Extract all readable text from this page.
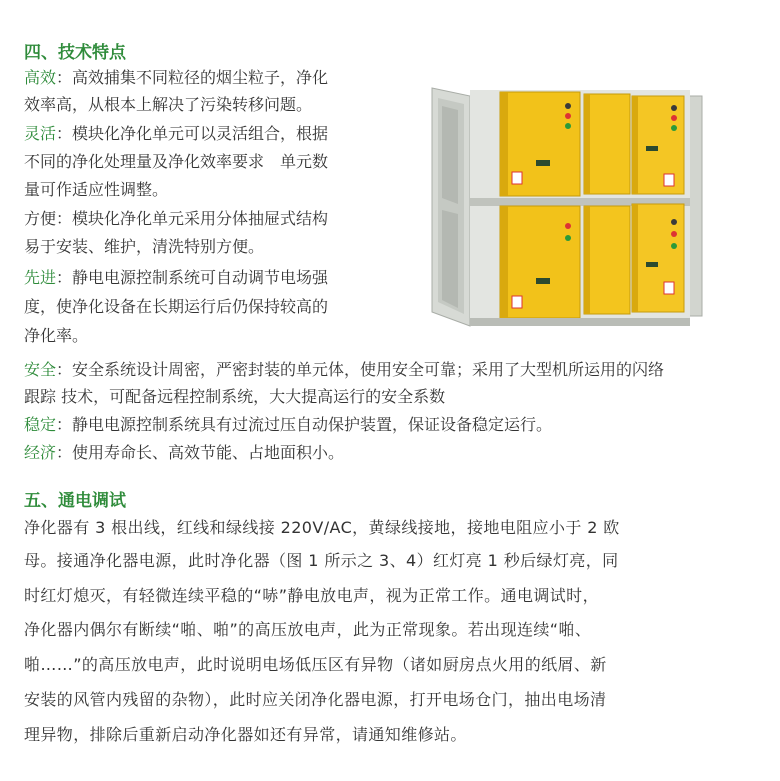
四、技术特点

高效：高效捕集不同粒径的烟尘粒子，净化

效率高，从根本上解决了污染转移问题。

灵活：模块化净化单元可以灵活组合，根据

不同的净化处理量及净化效率要求　单元数

量可作适应性调整。

方便：模块化净化单元采用分体抽屉式结构

易于安装、维护，清洗特别方便。

先进：静电电源控制系统可自动调节电场强

度，使净化设备在长期运行后仍保持较高的

净化率。

安全：安全系统设计周密，严密封装的单元体，使用安全可靠；采用了大型机所运用的闪络

跟踪 技术，可配备远程控制系统，大大提高运行的安全系数

稳定：静电电源控制系统具有过流过压自动保护装置，保证设备稳定运行。

经济：使用寿命长、高效节能、占地面积小。

五、通电调试

净化器有 3 根出线，红线和绿线接 220V/AC，黄绿线接地，接地电阻应小于 2 欧

母。接通净化器电源，此时净化器（图 1 所示之 3、4）红灯亮 1 秒后绿灯亮，同

时红灯熄灭，有轻微连续平稳的“哧”静电放电声，视为正常工作。通电调试时，

净化器内偶尔有断续“啪、啪”的高压放电声，此为正常现象。若出现连续“啪、

啪……”的高压放电声，此时说明电场低压区有异物（诸如厨房点火用的纸屑、新

安装的风管内残留的杂物），此时应关闭净化器电源，打开电场仓门，抽出电场清

理异物，排除后重新启动净化器如还有异常，请通知维修站。
